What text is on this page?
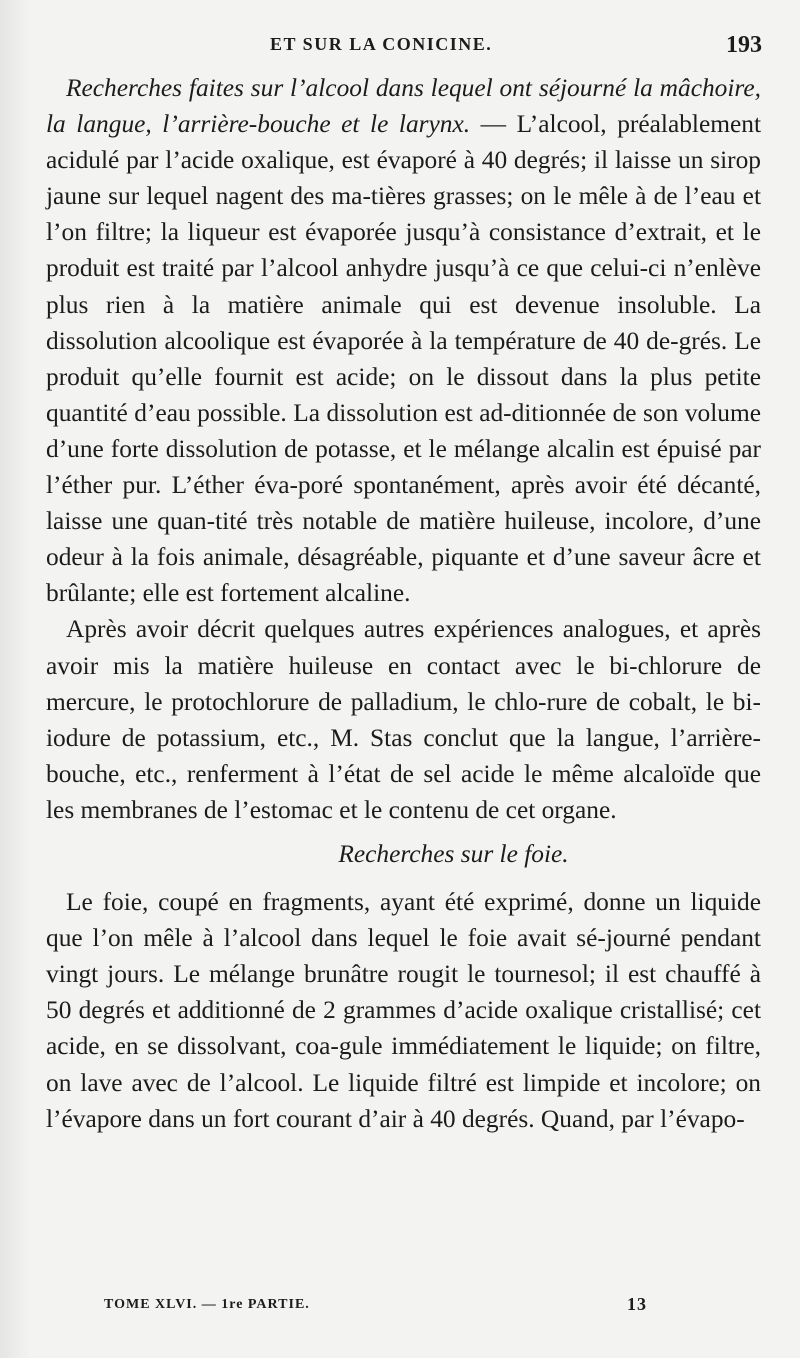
ET SUR LA CONICINE.	193

Recherches faites sur l’alcool dans lequel ont séjourné la mâchoire, la langue, l’arrière-bouche et le larynx. — L’alcool, préalablement acidulé par l’acide oxalique, est évaporé à 40 degrés; il laisse un sirop jaune sur lequel nagent des ma-tières grasses; on le mêle à de l’eau et l’on filtre; la liqueur est évaporée jusqu’à consistance d’extrait, et le produit est traité par l’alcool anhydre jusqu’à ce que celui-ci n’enlève plus rien à la matière animale qui est devenue insoluble. La dissolution alcoolique est évaporée à la température de 40 de-grés. Le produit qu’elle fournit est acide; on le dissout dans la plus petite quantité d’eau possible. La dissolution est ad-ditionnée de son volume d’une forte dissolution de potasse, et le mélange alcalin est épuisé par l’éther pur. L’éther éva-poré spontanément, après avoir été décanté, laisse une quan-tité très notable de matière huileuse, incolore, d’une odeur à la fois animale, désagréable, piquante et d’une saveur âcre et brûlante; elle est fortement alcaline.

Après avoir décrit quelques autres expériences analogues, et après avoir mis la matière huileuse en contact avec le bi-chlorure de mercure, le protochlorure de palladium, le chlo-rure de cobalt, le bi-iodure de potassium, etc., M. Stas conclut que la langue, l’arrière-bouche, etc., renferment à l’état de sel acide le même alcaloïde que les membranes de l’estomac et le contenu de cet organe.

Recherches sur le foie.

Le foie, coupé en fragments, ayant été exprimé, donne un liquide que l’on mêle à l’alcool dans lequel le foie avait sé-journé pendant vingt jours. Le mélange brunâtre rougit le tournesol; il est chauffé à 50 degrés et additionné de 2 grammes d’acide oxalique cristallisé; cet acide, en se dissolvant, coa-gule immédiatement le liquide; on filtre, on lave avec de l’alcool. Le liquide filtré est limpide et incolore; on l’évapore dans un fort courant d’air à 40 degrés. Quand, par l’évapo-

TOME XLVI. — 1re PARTIE.	13
